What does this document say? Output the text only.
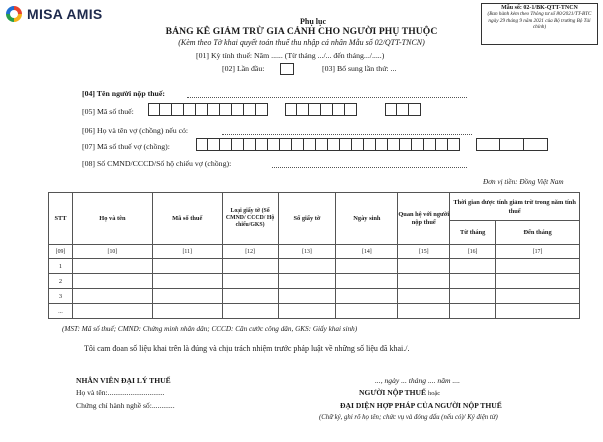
MISA AMIS	Mẫu số: 02-1/BK-QTT-TNCN
(Ban hành kèm theo Thông tư số 80/2021/TT-BTC ngày 29 tháng 9 năm 2021 của Bộ trưởng Bộ Tài chính)
Phụ lục
BẢNG KÊ GIẢM TRỪ GIA CẢNH CHO NGƯỜI PHỤ THUỘC
(Kèm theo Tờ khai quyết toán thuế thu nhập cá nhân Mẫu số 02/QTT-TNCN)
[01] Kỳ tính thuế: Năm ...... (Từ tháng .../... đến tháng.../.....)
[02] Lần đầu:	[03] Bổ sung lần thứ: ...
[04] Tên người nộp thuế:
[05] Mã số thuế:
[06] Họ và tên vợ (chồng) nếu có:
[07] Mã số thuế vợ (chồng):
[08] Số CMND/CCCD/Số hộ chiếu vợ (chồng):
Đơn vị tiền: Đồng Việt Nam
STT	Họ và tên	Mã số thuế	Loại giấy tờ (Số CMND/ CCCD/ Hộ chiếu/GKS)	Số giấy tờ	Ngày sinh	Quan hệ với người nộp thuế	Thời gian được tính giảm trừ trong năm tính thuế	
							Từ tháng	Đến tháng
[09]	[10]	[11]	[12]	[13]	[14]	[15]	[16]	[17]
1								
2								
3								
...								
(MST: Mã số thuế; CMND: Chứng minh nhân dân; CCCD: Căn cước công dân, GKS: Giấy khai sinh)
Tôi cam đoan số liệu khai trên là đúng và chịu trách nhiệm trước pháp luật về những số liệu đã khai./.
NHÂN VIÊN ĐẠI LÝ THUẾ
Họ và tên:..............................
Chứng chỉ hành nghề số:............
..., ngày ... tháng .... năm ....
NGƯỜI NỘP THUẾ hoặc
ĐẠI DIỆN HỢP PHÁP CỦA NGƯỜI NỘP THUẾ
(Chữ ký, ghi rõ họ tên; chức vụ và đóng dấu (nếu có)/ Ký điện tử)
